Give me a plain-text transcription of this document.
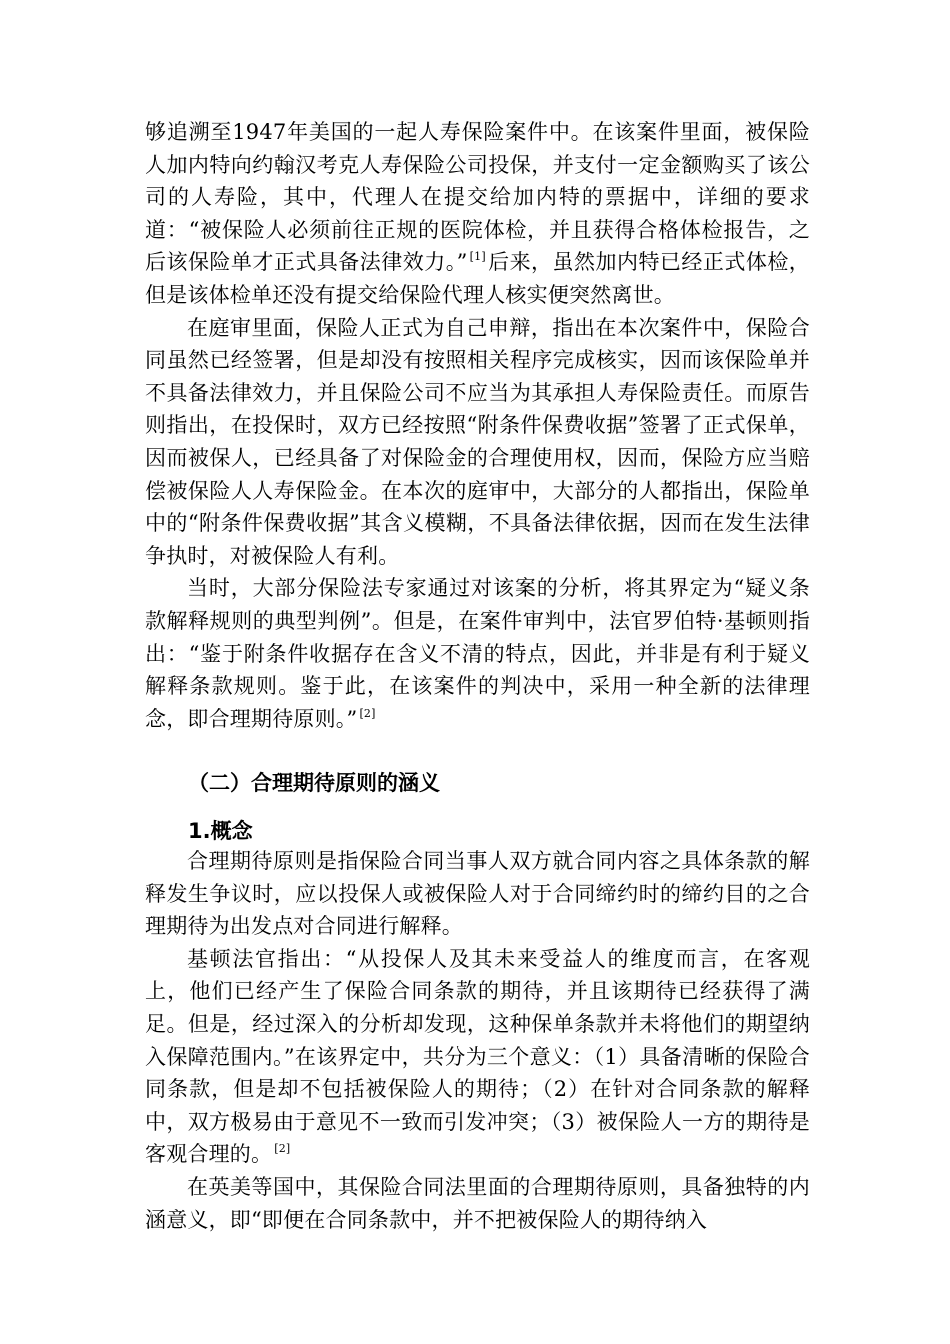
够追溯至1947年美国的一起人寿保险案件中。在该案件里面，被保险人加内特向约翰汉考克人寿保险公司投保，并支付一定金额购买了该公司的人寿险，其中，代理人在提交给加内特的票据中，详细的要求道：“被保险人必须前往正规的医院体检，并且获得合格体检报告，之后该保险单才正式具备法律效力。” [1]后来，虽然加内特已经正式体检，但是该体检单还没有提交给保险代理人核实便突然离世。

在庭审里面，保险人正式为自己申辩，指出在本次案件中，保险合同虽然已经签署，但是却没有按照相关程序完成核实，因而该保险单并不具备法律效力，并且保险公司不应当为其承担人寿保险责任。而原告则指出，在投保时，双方已经按照“附条件保费收据”签署了正式保单，因而被保人，已经具备了对保险金的合理使用权，因而，保险方应当赔偿被保险人人寿保险金。在本次的庭审中，大部分的人都指出，保险单中的“附条件保费收据”其含义模糊，不具备法律依据，因而在发生法律争执时，对被保险人有利。

当时，大部分保险法专家通过对该案的分析，将其界定为“疑义条款解释规则的典型判例”。但是，在案件审判中，法官罗伯特·基顿则指出：“鉴于附条件收据存在含义不清的特点，因此，并非是有利于疑义解释条款规则。鉴于此，在该案件的判决中，采用一种全新的法律理念，即合理期待原则。” [2]

（二）合理期待原则的涵义
1.概念

合理期待原则是指保险合同当事人双方就合同内容之具体条款的解释发生争议时，应以投保人或被保险人对于合同缔约时的缔约目的之合理期待为出发点对合同进行解释。

基顿法官指出：“从投保人及其未来受益人的维度而言，在客观上，他们已经产生了保险合同条款的期待，并且该期待已经获得了满足。但是，经过深入的分析却发现，这种保单条款并未将他们的期望纳入保障范围内。”在该界定中，共分为三个意义：（1）具备清晰的保险合同条款，但是却不包括被保险人的期待；（2）在针对合同条款的解释中，双方极易由于意见不一致而引发冲突；（3）被保险人一方的期待是客观合理的。 [2]

在英美等国中，其保险合同法里面的合理期待原则，具备独特的内涵意义，即“即便在合同条款中，并不把被保险人的期待纳入
